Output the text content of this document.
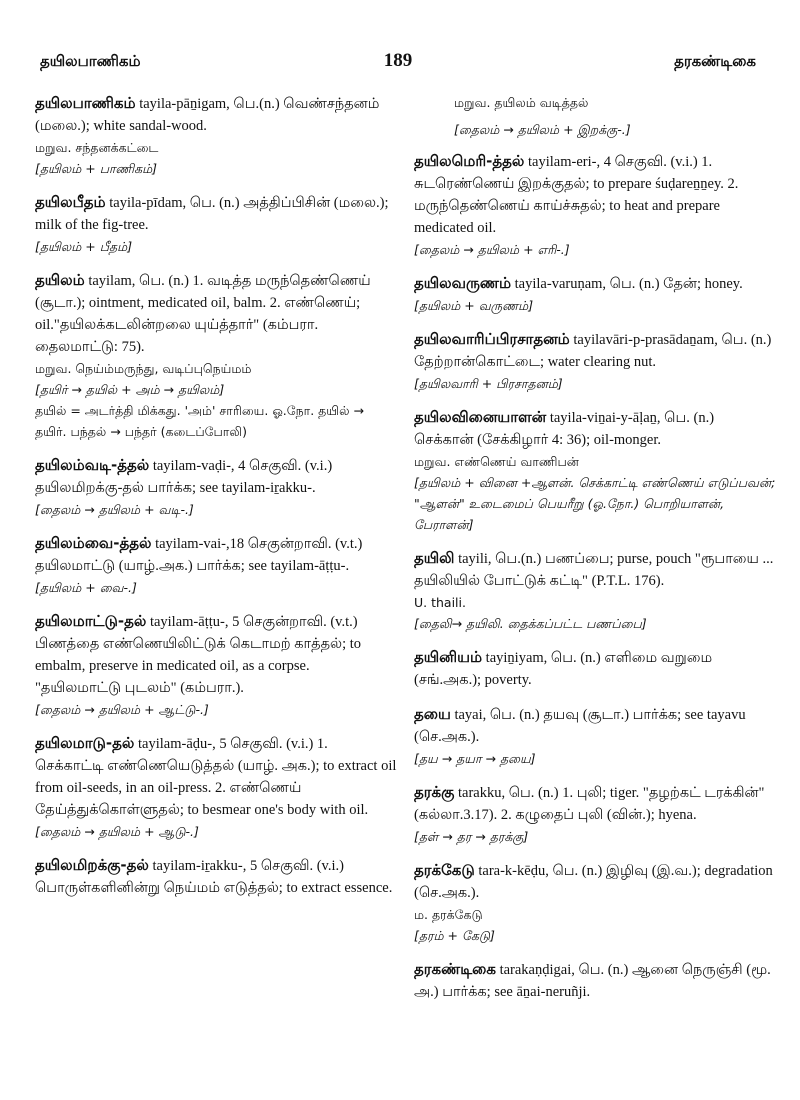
தயிலபாணிகம்	189	தரகண்டிகை

தயிலபாணிகம் tayila-pāṉigam, பெ.(n.) வெண்சந்தனம் (மலை.); white sandal-wood.

மறுவ. சந்தனக்கட்டை

[தயிலம் + பாணிகம்]

தயிலபீதம் tayila-pīdam, பெ. (n.) அத்திப்பிசின் (மலை.); milk of the fig-tree.

[தயிலம் + பீதம்]

தயிலம் tayilam, பெ. (n.) 1. வடித்த மருந்தெண்ணெய் (சூடா.); ointment, medicated oil, balm. 2. எண்ணெய்; oil."தயிலக்கடலின்றலை யுய்த்தார்" (கம்பரா. தைலமாட்டு: 75).

மறுவ. நெய்ம்மருந்து, வடிப்புநெய்மம்

[தயிர் → தயில் + அம் → தயிலம்]

தயில் = அடர்த்தி மிக்கது. 'அம்' சாரியை. ஓ.நோ. தயில் → தயிர். பந்தல் → பந்தர் (கடைப்போலி)

தயிலம்வடி-த்தல் tayilam-vaḍi-, 4 செகுவி. (v.i.) தயிலமிறக்கு-தல் பார்க்க; see tayilam-iṟakku-.

[தைலம் → தயிலம் + வடி-.]

தயிலம்வை-த்தல் tayilam-vai-,18 செகுன்றாவி. (v.t.) தயிலமாட்டு (யாழ்.அக.) பார்க்க; see tayilam-āṭṭu-.

[தயிலம் + வை-.]

தயிலமாட்டு-தல் tayilam-āṭṭu-, 5 செகுன்றாவி. (v.t.) பிணத்தை எண்ணெயிலிட்டுக் கெடாமற் காத்தல்; to embalm, preserve in medicated oil, as a corpse. "தயிலமாட்டு புடலம்" (கம்பரா.).

[தைலம் → தயிலம் + ஆட்டு-.]

தயிலமாடு-தல் tayilam-āḍu-, 5 செகுவி. (v.i.) 1. செக்காட்டி எண்ணெயெடுத்தல் (யாழ். அக.); to extract oil from oil-seeds, in an oil-press. 2. எண்ணெய் தேய்த்துக்கொள்ளுதல்; to besmear one's body with oil.

[தைலம் → தயிலம் + ஆடு-.]

தயிலமிறக்கு-தல் tayilam-iṟakku-, 5 செகுவி. (v.i.) பொருள்களினின்று நெய்மம் எடுத்தல்; to extract essence.

மறுவ. தயிலம் வடித்தல்

[தைலம் → தயிலம் + இறக்கு-.]

தயிலமெரி-த்தல் tayilam-eri-, 4 செகுவி. (v.i.) 1. சுடரெண்ணெய் இறக்குதல்; to prepare śuḍareṉṉey. 2. மருந்தெண்ணெய் காய்ச்சுதல்; to heat and prepare medicated oil.

[தைலம் → தயிலம் + எரி-.]

தயிலவருணம் tayila-varuṇam, பெ. (n.) தேன்; honey.

[தயிலம் + வருணம்]

தயிலவாரிப்பிரசாதனம் tayilavāri-p-prasādaṉam, பெ. (n.) தேற்றான்கொட்டை; water clearing nut.

[தயிலவாரி + பிரசாதனம்]

தயிலவினையாளன் tayila-viṉai-y-āḷaṉ, பெ. (n.) செக்கான் (சேக்கிழார் 4: 36); oil-monger.

மறுவ. எண்ணெய் வாணிபன்

[தயிலம் + வினை +ஆளன். செக்காட்டி எண்ணெய் எடுப்பவன்; "ஆளன்" உடைமைப் பெயரீறு (ஓ.நோ.) பொறியாளன், பேராளன்]

தயிலி tayili, பெ.(n.) பணப்பை; purse, pouch "ரூபாயை ... தயிலியில் போட்டுக் கட்டி" (P.T.L. 176).

U. thaili.

[தைலி→ தயிலி. தைக்கப்பட்ட பணப்பை]

தயினியம் tayiṉiyam, பெ. (n.) எளிமை வறுமை (சங்.அக.); poverty.

தயை tayai, பெ. (n.) தயவு (சூடா.) பார்க்க; see tayavu (செ.அக.).

[தய → தயா → தயை]

தரக்கு tarakku, பெ. (n.) 1. புலி; tiger. "தழற்கட் டரக்கின்" (கல்லா.3.17). 2. கழுதைப் புலி (வின்.); hyena.

[தள் → தர → தரக்கு]

தரக்கேடு tara-k-kēḍu, பெ. (n.) இழிவு (இ.வ.); degradation (செ.அக.).

ம. தரக்கேடு

[தரம் + கேடு]

தரகண்டிகை tarakaṇḍigai, பெ. (n.) ஆனை நெருஞ்சி (மூ. அ.) பார்க்க; see āṉai-neruñji.
